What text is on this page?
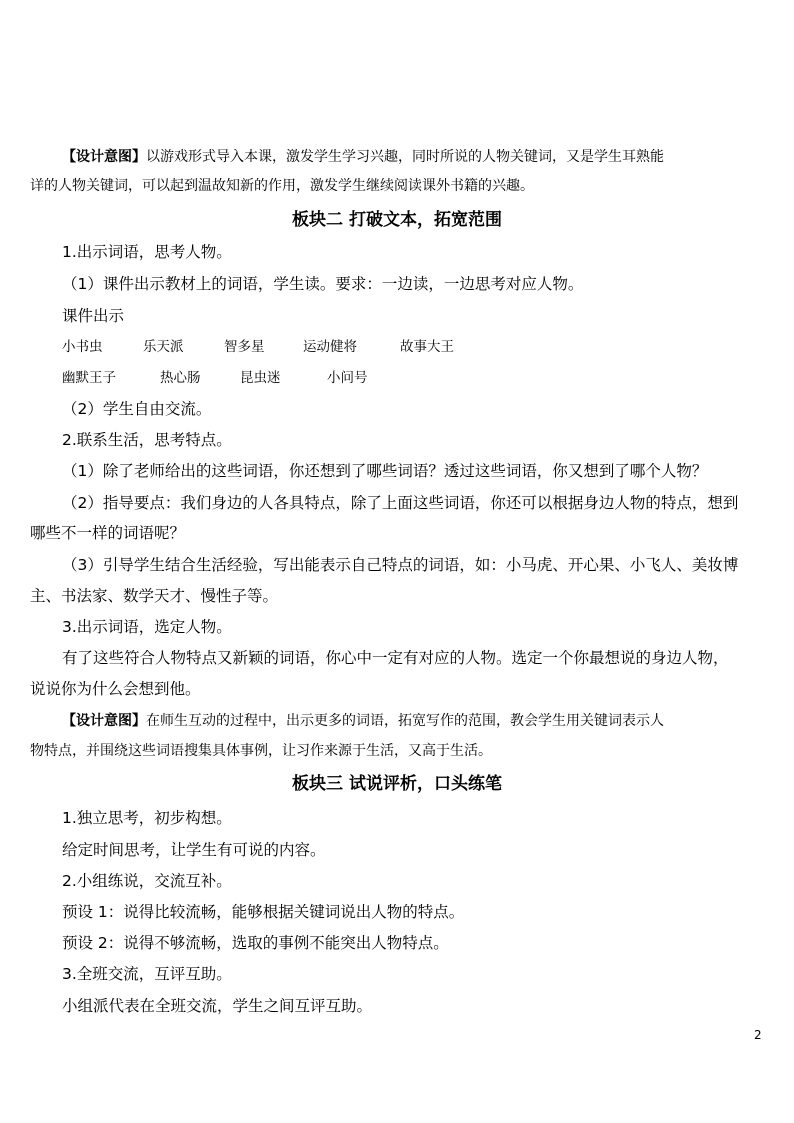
【设计意图】以游戏形式导入本课，激发学生学习兴趣，同时所说的人物关键词，又是学生耳熟能
详的人物关键词，可以起到温故知新的作用，激发学生继续阅读课外书籍的兴趣。
板块二 打破文本，拓宽范围
1.出示词语，思考人物。
（1）课件出示教材上的词语，学生读。要求：一边读，一边思考对应人物。
课件出示
小书虫	乐天派	智多星	运动健将	故事大王
幽默王子	热心肠	昆虫迷	小问号
（2）学生自由交流。
2.联系生活，思考特点。
（1）除了老师给出的这些词语，你还想到了哪些词语？透过这些词语，你又想到了哪个人物？
（2）指导要点：我们身边的人各具特点，除了上面这些词语，你还可以根据身边人物的特点，想到
哪些不一样的词语呢？
（3）引导学生结合生活经验，写出能表示自己特点的词语，如：小马虎、开心果、小飞人、美妆博
主、书法家、数学天才、慢性子等。
3.出示词语，选定人物。
有了这些符合人物特点又新颖的词语，你心中一定有对应的人物。选定一个你最想说的身边人物，
说说你为什么会想到他。
【设计意图】在师生互动的过程中，出示更多的词语，拓宽写作的范围，教会学生用关键词表示人
物特点，并围绕这些词语搜集具体事例，让习作来源于生活，又高于生活。
板块三 试说评析，口头练笔
1.独立思考，初步构想。
给定时间思考，让学生有可说的内容。
2.小组练说，交流互补。
预设 1：说得比较流畅，能够根据关键词说出人物的特点。
预设 2：说得不够流畅，选取的事例不能突出人物特点。
3.全班交流，互评互助。
小组派代表在全班交流，学生之间互评互助。
2
